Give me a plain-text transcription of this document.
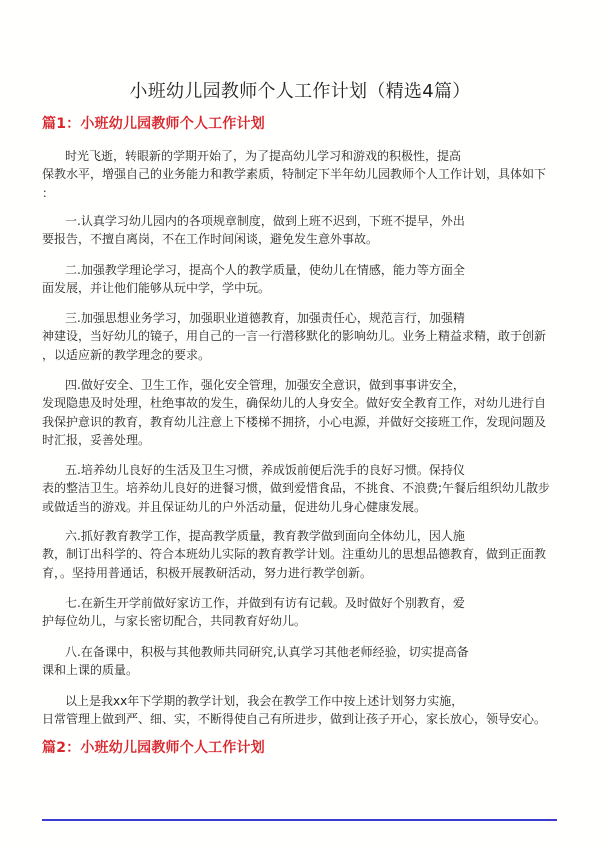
小班幼儿园教师个人工作计划（精选4篇）
篇1：小班幼儿园教师个人工作计划
时光飞逝，转眼新的学期开始了，为了提高幼儿学习和游戏的积极性，提高
保教水平，增强自己的业务能力和教学素质，特制定下半年幼儿园教师个人工作计划，具体如下
：
一.认真学习幼儿园内的各项规章制度，做到上班不迟到，下班不提早，外出
要报告，不擅自离岗，不在工作时间闲谈，避免发生意外事故。
二.加强教学理论学习，提高个人的教学质量，使幼儿在情感，能力等方面全
面发展，并让他们能够从玩中学，学中玩。
三.加强思想业务学习，加强职业道德教育，加强责任心，规范言行，加强精
神建设，当好幼儿的镜子，用自己的一言一行潜移默化的影响幼儿。业务上精益求精，敢于创新
，以适应新的教学理念的要求。
四.做好安全、卫生工作，强化安全管理，加强安全意识，做到事事讲安全，
发现隐患及时处理，杜绝事故的发生，确保幼儿的人身安全。做好安全教育工作，对幼儿进行自
我保护意识的教育，教育幼儿注意上下楼梯不拥挤，小心电源，并做好交接班工作，发现问题及
时汇报，妥善处理。
五.培养幼儿良好的生活及卫生习惯，养成饭前便后洗手的良好习惯。保持仪
表的整洁卫生。培养幼儿良好的进餐习惯，做到爱惜食品，不挑食、不浪费;午餐后组织幼儿散步
或做适当的游戏。并且保证幼儿的户外活动量，促进幼儿身心健康发展。
六.抓好教育教学工作，提高教学质量，教育教学做到面向全体幼儿，因人施
教，制订出科学的、符合本班幼儿实际的教育教学计划。注重幼儿的思想品德教育，做到正面教
育，。坚持用普通话，积极开展教研活动，努力进行教学创新。
七.在新生开学前做好家访工作，并做到有访有记载。及时做好个别教育，爱
护每位幼儿，与家长密切配合，共同教育好幼儿。
八.在备课中，积极与其他教师共同研究,认真学习其他老师经验，切实提高备
课和上课的质量。
以上是我xx年下学期的教学计划，我会在教学工作中按上述计划努力实施，
日常管理上做到严、细、实，不断得使自己有所进步，做到让孩子开心，家长放心，领导安心。
篇2：小班幼儿园教师个人工作计划
